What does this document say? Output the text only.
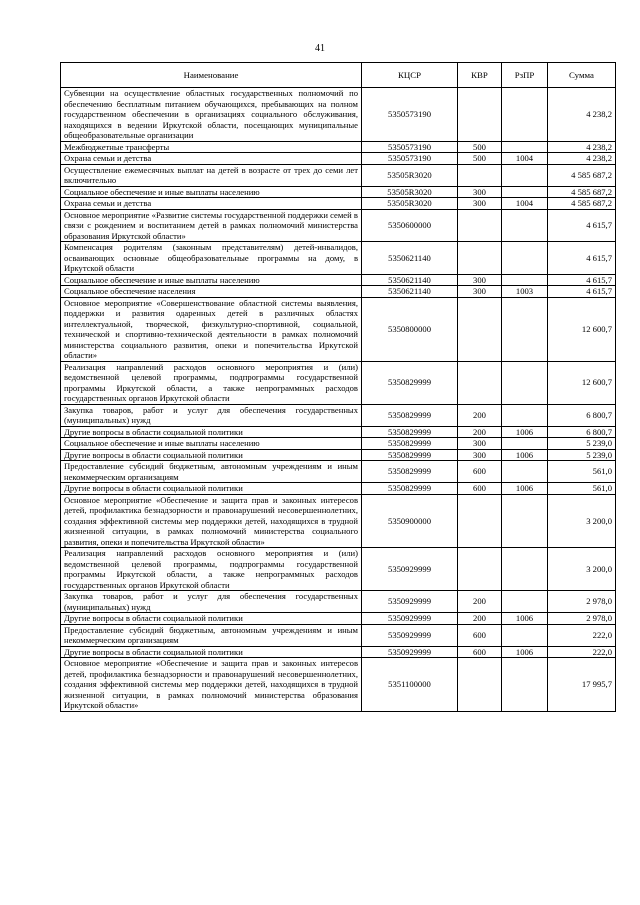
41
Наименование	КЦСР	КВР	РзПР	Сумма
Субвенции на осуществление областных государственных полномочий по обеспечению бесплатным питанием обучающихся, пребывающих на полном государственном обеспечении в организациях социального обслуживания, находящихся в ведении Иркутской области, посещающих муниципальные общеобразовательные организации	5350573190			4 238,2
Межбюджетные трансферты	5350573190	500		4 238,2
Охрана семьи и детства	5350573190	500	1004	4 238,2
Осуществление ежемесячных выплат на детей в возрасте от трех до семи лет включительно	53505R3020			4 585 687,2
Социальное обеспечение и иные выплаты населению	53505R3020	300		4 585 687,2
Охрана семьи и детства	53505R3020	300	1004	4 585 687,2
Основное мероприятие «Развитие системы государственной поддержки семей в связи с рождением и воспитанием детей в рамках полномочий министерства образования Иркутской области»	5350600000			4 615,7
Компенсация родителям (законным представителям) детей-инвалидов, осваивающих основные общеобразовательные программы на дому, в Иркутской области	5350621140			4 615,7
Социальное обеспечение и иные выплаты населению	5350621140	300		4 615,7
Социальное обеспечение населения	5350621140	300	1003	4 615,7
Основное мероприятие «Совершенствование областной системы выявления, поддержки и развития одаренных детей в различных областях интеллектуальной, творческой, физкультурно-спортивной, социальной, технической и спортивно-технической деятельности в рамках полномочий министерства социального развития, опеки и попечительства Иркутской области»	5350800000			12 600,7
Реализация направлений расходов основного мероприятия и (или) ведомственной целевой программы, подпрограммы государственной программы Иркутской области, а также непрограммных расходов государственных органов Иркутской области	5350829999			12 600,7
Закупка товаров, работ и услуг для обеспечения государственных (муниципальных) нужд	5350829999	200		6 800,7
Другие вопросы в области социальной политики	5350829999	200	1006	6 800,7
Социальное обеспечение и иные выплаты населению	5350829999	300		5 239,0
Другие вопросы в области социальной политики	5350829999	300	1006	5 239,0
Предоставление субсидий бюджетным, автономным учреждениям и иным некоммерческим организациям	5350829999	600		561,0
Другие вопросы в области социальной политики	5350829999	600	1006	561,0
Основное мероприятие «Обеспечение и защита прав и законных интересов детей, профилактика безнадзорности и правонарушений несовершеннолетних, создания эффективной системы мер поддержки детей, находящихся в трудной жизненной ситуации, в рамках полномочий министерства социального развития, опеки и попечительства Иркутской области»	5350900000			3 200,0
Реализация направлений расходов основного мероприятия и (или) ведомственной целевой программы, подпрограммы государственной программы Иркутской области, а также непрограммных расходов государственных органов Иркутской области	5350929999			3 200,0
Закупка товаров, работ и услуг для обеспечения государственных (муниципальных) нужд	5350929999	200		2 978,0
Другие вопросы в области социальной политики	5350929999	200	1006	2 978,0
Предоставление субсидий бюджетным, автономным учреждениям и иным некоммерческим организациям	5350929999	600		222,0
Другие вопросы в области социальной политики	5350929999	600	1006	222,0
Основное мероприятие «Обеспечение и защита прав и законных интересов детей, профилактика безнадзорности и правонарушений несовершеннолетних, создания эффективной системы мер поддержки детей, находящихся в трудной жизненной ситуации, в рамках полномочий министерства образования Иркутской области»	5351100000			17 995,7
